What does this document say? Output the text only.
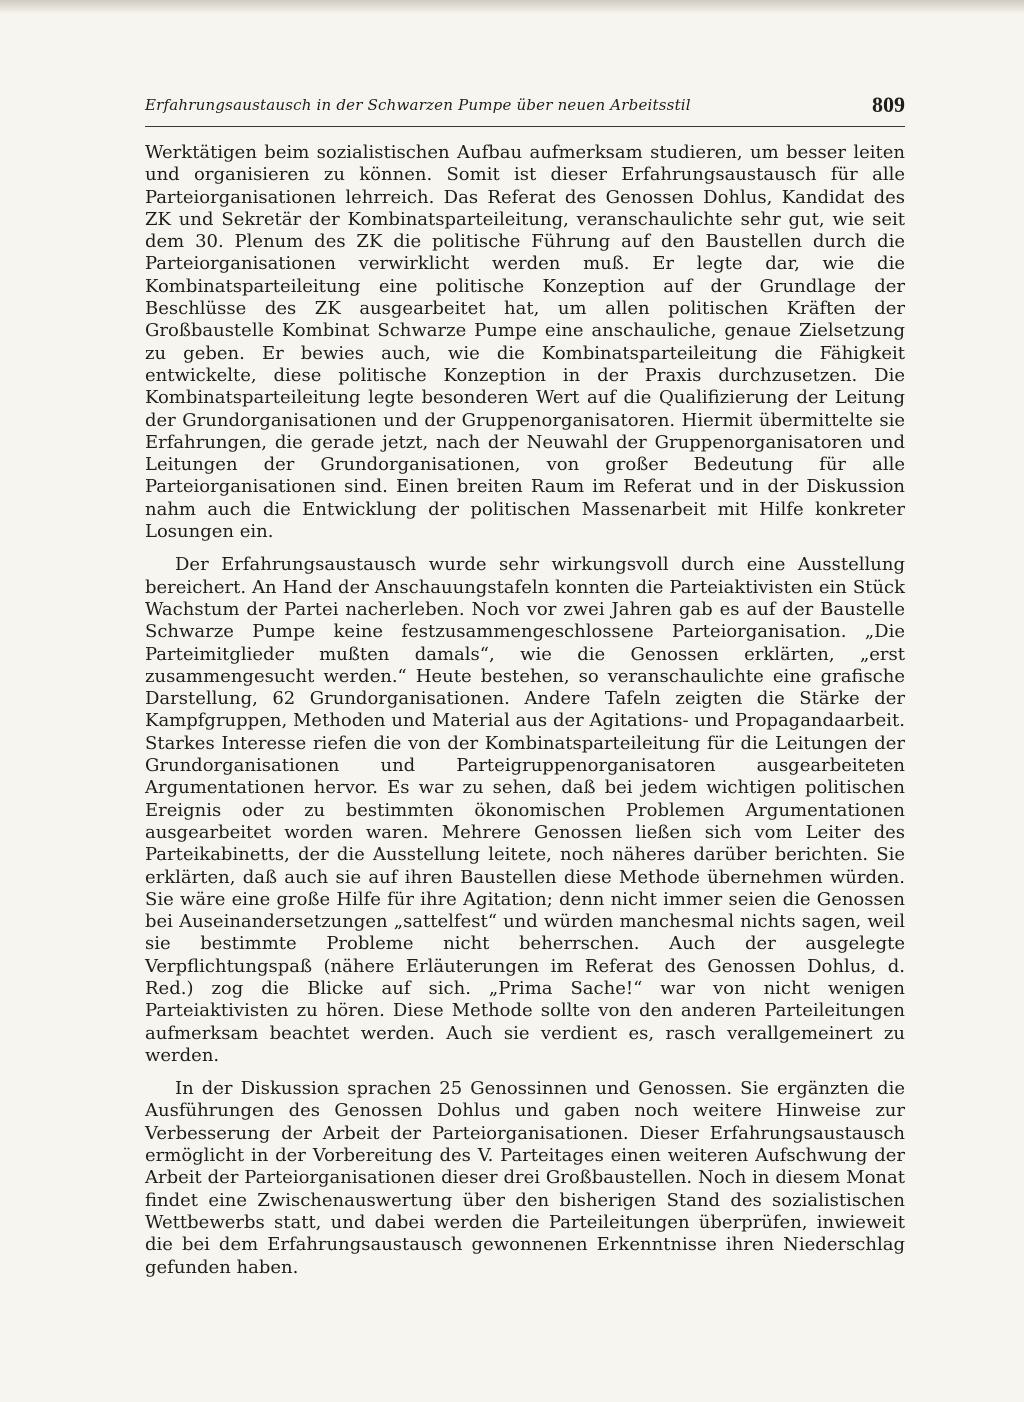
Erfahrungsaustausch in der Schwarzen Pumpe über neuen Arbeitsstil	809

Werktätigen beim sozialistischen Aufbau aufmerksam studieren, um besser leiten und organisieren zu können. Somit ist dieser Erfahrungsaustausch für alle Parteiorganisationen lehrreich. Das Referat des Genossen Dohlus, Kandidat des ZK und Sekretär der Kombinatsparteileitung, veranschaulichte sehr gut, wie seit dem 30. Plenum des ZK die politische Führung auf den Baustellen durch die Parteiorganisationen verwirklicht werden muß. Er legte dar, wie die Kombinatsparteileitung eine politische Konzeption auf der Grundlage der Beschlüsse des ZK ausgearbeitet hat, um allen politischen Kräften der Großbaustelle Kombinat Schwarze Pumpe eine anschauliche, genaue Zielsetzung zu geben. Er bewies auch, wie die Kombinatsparteileitung die Fähigkeit entwickelte, diese politische Konzeption in der Praxis durchzusetzen. Die Kombinatsparteileitung legte besonderen Wert auf die Qualifizierung der Leitung der Grundorganisationen und der Gruppenorganisatoren. Hiermit übermittelte sie Erfahrungen, die gerade jetzt, nach der Neuwahl der Gruppenorganisatoren und Leitungen der Grundorganisationen, von großer Bedeutung für alle Parteiorganisationen sind. Einen breiten Raum im Referat und in der Diskussion nahm auch die Entwicklung der politischen Massenarbeit mit Hilfe konkreter Losungen ein.

Der Erfahrungsaustausch wurde sehr wirkungsvoll durch eine Ausstellung bereichert. An Hand der Anschauungstafeln konnten die Parteiaktivisten ein Stück Wachstum der Partei nacherleben. Noch vor zwei Jahren gab es auf der Baustelle Schwarze Pumpe keine festzusammengeschlossene Parteiorganisation. „Die Parteimitglieder mußten damals“, wie die Genossen erklärten, „erst zusammengesucht werden.“ Heute bestehen, so veranschaulichte eine grafische Darstellung, 62 Grundorganisationen. Andere Tafeln zeigten die Stärke der Kampfgruppen, Methoden und Material aus der Agitations- und Propagandaarbeit. Starkes Interesse riefen die von der Kombinatsparteileitung für die Leitungen der Grundorganisationen und Parteigruppenorganisatoren ausgearbeiteten Argumentationen hervor. Es war zu sehen, daß bei jedem wichtigen politischen Ereignis oder zu bestimmten ökonomischen Problemen Argumentationen ausgearbeitet worden waren. Mehrere Genossen ließen sich vom Leiter des Parteikabinetts, der die Ausstellung leitete, noch näheres darüber berichten. Sie erklärten, daß auch sie auf ihren Baustellen diese Methode übernehmen würden. Sie wäre eine große Hilfe für ihre Agitation; denn nicht immer seien die Genossen bei Auseinandersetzungen „sattelfest“ und würden manchesmal nichts sagen, weil sie bestimmte Probleme nicht beherrschen. Auch der ausgelegte Verpflichtungspaß (nähere Erläuterungen im Referat des Genossen Dohlus, d. Red.) zog die Blicke auf sich. „Prima Sache!“ war von nicht wenigen Parteiaktivisten zu hören. Diese Methode sollte von den anderen Parteileitungen aufmerksam beachtet werden. Auch sie verdient es, rasch verallgemeinert zu werden.

In der Diskussion sprachen 25 Genossinnen und Genossen. Sie ergänzten die Ausführungen des Genossen Dohlus und gaben noch weitere Hinweise zur Verbesserung der Arbeit der Parteiorganisationen. Dieser Erfahrungsaustausch ermöglicht in der Vorbereitung des V. Parteitages einen weiteren Aufschwung der Arbeit der Parteiorganisationen dieser drei Großbaustellen. Noch in diesem Monat findet eine Zwischenauswertung über den bisherigen Stand des sozialistischen Wettbewerbs statt, und dabei werden die Parteileitungen überprüfen, inwieweit die bei dem Erfahrungsaustausch gewonnenen Erkenntnisse ihren Niederschlag gefunden haben.
